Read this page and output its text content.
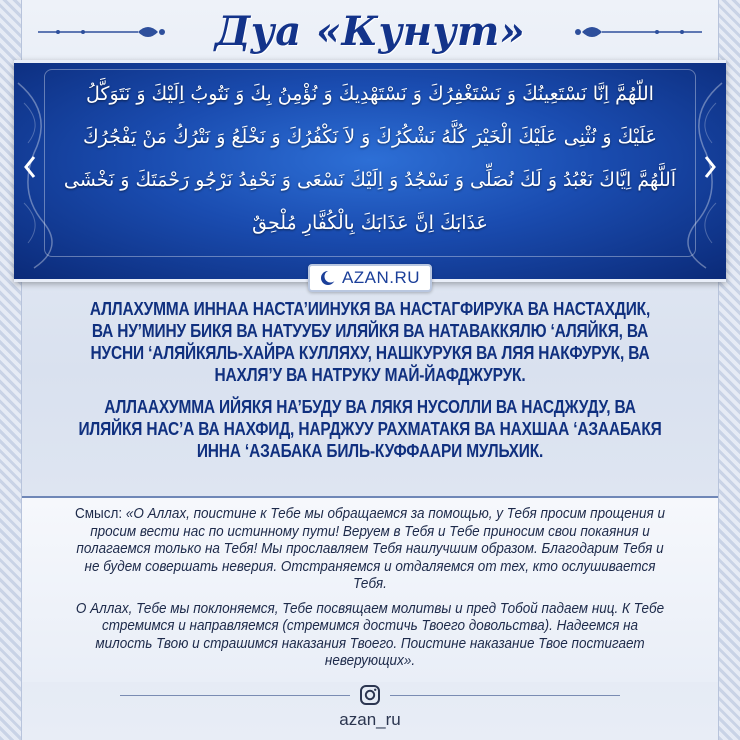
Дуа «Кунут»
اللّهُمَّ اِنَّا نَسْتَعِينُكَ وَ نَسْتَغْفِرُكَ وَ نَسْتَهْدِيكَ وَ نُؤْمِنُ بِكَ وَ نَتُوبُ اِلَيْكَ وَ نَتَوَكَّلُ
عَلَيْكَ وَ نُثْنِى عَلَيْكَ الْخَيْرَ كُلَّهُ نَشْكُرُكَ وَ لاَ نَكْفُرُكَ وَ نَخْلَعُ وَ نَتْرُكُ مَنْ يَفْجُرُكَ
اَللَّهُمَّ اِيَّاكَ نَعْبُدُ وَ لَكَ نُصَلِّى وَ نَسْجُدُ وَ اِلَيْكَ نَسْعَى وَ نَحْفِدُ نَرْجُو رَحْمَتَكَ وَ نَخْشَى
عَذَابَكَ اِنَّ عَذَابَكَ بِالْكُفَّارِ مُلْحِقٌ
AZAN.RU

АЛЛАХУММА ИННАА НАСТА’ИИНУКЯ ВА НАСТАГФИРУКА ВА НАСТАХДИК, ВА НУ’МИНУ БИКЯ ВА НАТУУБУ ИЛЯЙКЯ ВА НАТАВАККЯЛЮ ‘АЛЯЙКЯ, ВА НУСНИ ‘АЛЯЙКЯЛЬ-ХАЙРА КУЛЛЯХУ, НАШКУРУКЯ ВА ЛЯЯ НАКФУРУК, ВА НАХЛЯ’У ВА НАТРУКУ МАЙ-ЙАФДЖУРУК.

АЛЛААХУММА ИЙЯКЯ НА’БУДУ ВА ЛЯКЯ НУСОЛЛИ ВА НАСДЖУДУ, ВА ИЛЯЙКЯ НАС’А ВА НАХФИД, НАРДЖУУ РАХМАТАКЯ ВА НАХШАА ‘АЗААБАКЯ ИННА ‘АЗАБАКА БИЛЬ-КУФФААРИ МУЛЬХИК.

Смысл: «О Аллах, поистине к Тебе мы обращаемся за помощью, у Тебя просим прощения и просим вести нас по истинному пути! Веруем в Тебя и Тебе приносим свои покаяния и полагаемся только на Тебя! Мы прославляем Тебя наилучшим образом. Благодарим Тебя и не будем совершать неверия. Отстраняемся и отдаляемся от тех, кто ослушивается Тебя.

О Аллах, Тебе мы поклоняемся, Тебе посвящаем молитвы и пред Тобой падаем ниц. К Тебе стремимся и направляемся (стремимся достичь Твоего довольства). Надеемся на милость Твою и страшимся наказания Твоего. Поистине наказание Твое постигает неверующих».

azan_ru
